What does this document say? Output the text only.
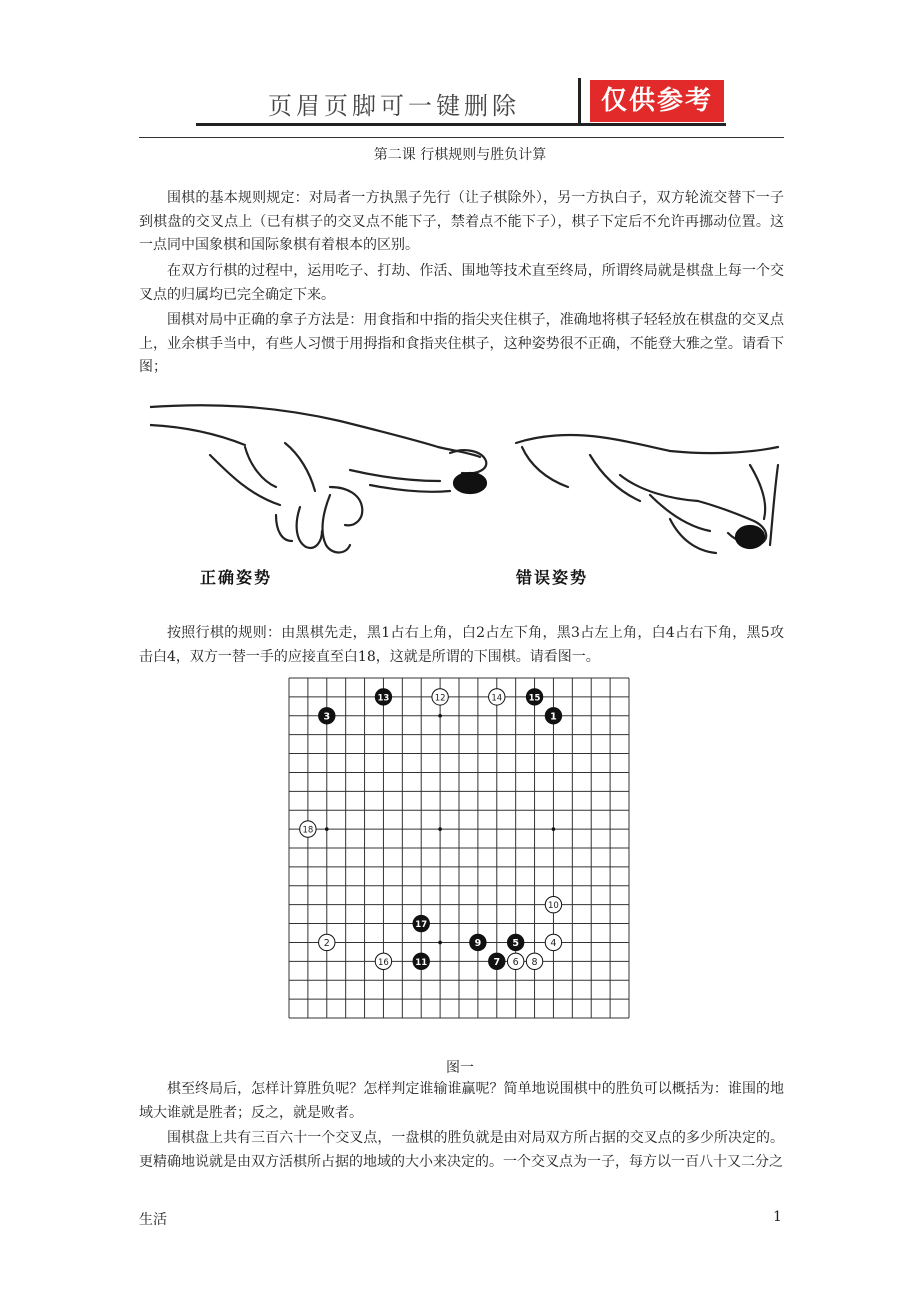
页眉页脚可一键删除	仅供参考
第二课 行棋规则与胜负计算
围棋的基本规则规定：对局者一方执黑子先行（让子棋除外），另一方执白子，双方轮流交替下一子到棋盘的交叉点上（已有棋子的交叉点不能下子，禁着点不能下子），棋子下定后不允许再挪动位置。这一点同中国象棋和国际象棋有着根本的区别。
在双方行棋的过程中，运用吃子、打劫、作活、围地等技术直至终局，所谓终局就是棋盘上每一个交叉点的归属均已完全确定下来。
围棋对局中正确的拿子方法是：用食指和中指的指尖夹住棋子，准确地将棋子轻轻放在棋盘的交叉点上，业余棋手当中，有些人习惯于用拇指和食指夹住棋子，这种姿势很不正确，不能登大雅之堂。请看下图；
正确姿势	错误姿势
按照行棋的规则：由黑棋先走，黑1占右上角，白2占左下角，黑3占左上角，白4占右下角，黑5攻击白4，双方一替一手的应接直至白18，这就是所谓的下围棋。请看图一。
1
2
3
4
5
6
7	8
9
10
11
12
13	14	15
16
17
18
图一
棋至终局后，怎样计算胜负呢？怎样判定谁输谁赢呢？简单地说围棋中的胜负可以概括为：谁围的地域大谁就是胜者；反之，就是败者。
围棋盘上共有三百六十一个交叉点，一盘棋的胜负就是由对局双方所占据的交叉点的多少所决定的。更精确地说就是由双方活棋所占据的地域的大小来决定的。一个交叉点为一子，每方以一百八十又二分之
生活	1
